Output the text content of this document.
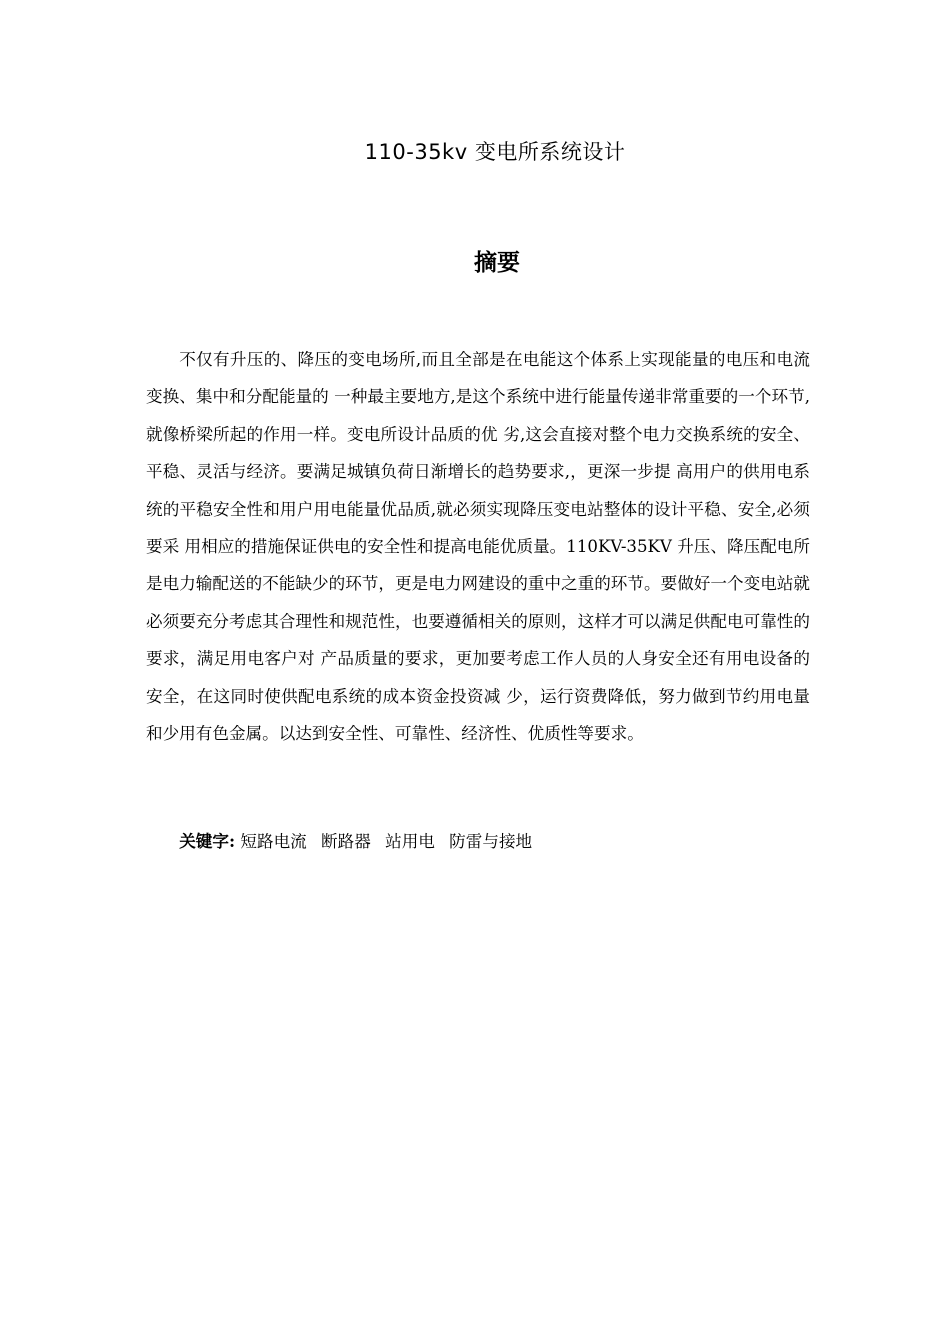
110-35kv 变电所系统设计
摘要

不仅有升压的、降压的变电场所,而且全部是在电能这个体系上实现能量的电压和电流变换、集中和分配能量的 一种最主要地方,是这个系统中进行能量传递非常重要的一个环节,就像桥梁所起的作用一样。变电所设计品质的优 劣,这会直接对整个电力交换系统的安全、平稳、灵活与经济。要满足城镇负荷日渐增长的趋势要求,，更深一步提 高用户的供用电系统的平稳安全性和用户用电能量优品质,就必须实现降压变电站整体的设计平稳、安全,必须要采 用相应的措施保证供电的安全性和提高电能优质量。110KV-35KV 升压、降压配电所是电力输配送的不能缺少的环节，更是电力网建设的重中之重的环节。要做好一个变电站就 必须要充分考虑其合理性和规范性，也要遵循相关的原则，这样才可以满足供配电可靠性的要求，满足用电客户对 产品质量的要求，更加要考虑工作人员的人身安全还有用电设备的安全，在这同时使供配电系统的成本资金投资减 少，运行资费降低，努力做到节约用电量和少用有色金属。以达到安全性、可靠性、经济性、优质性等要求。

关键字: 短路电流 断路器 站用电 防雷与接地
